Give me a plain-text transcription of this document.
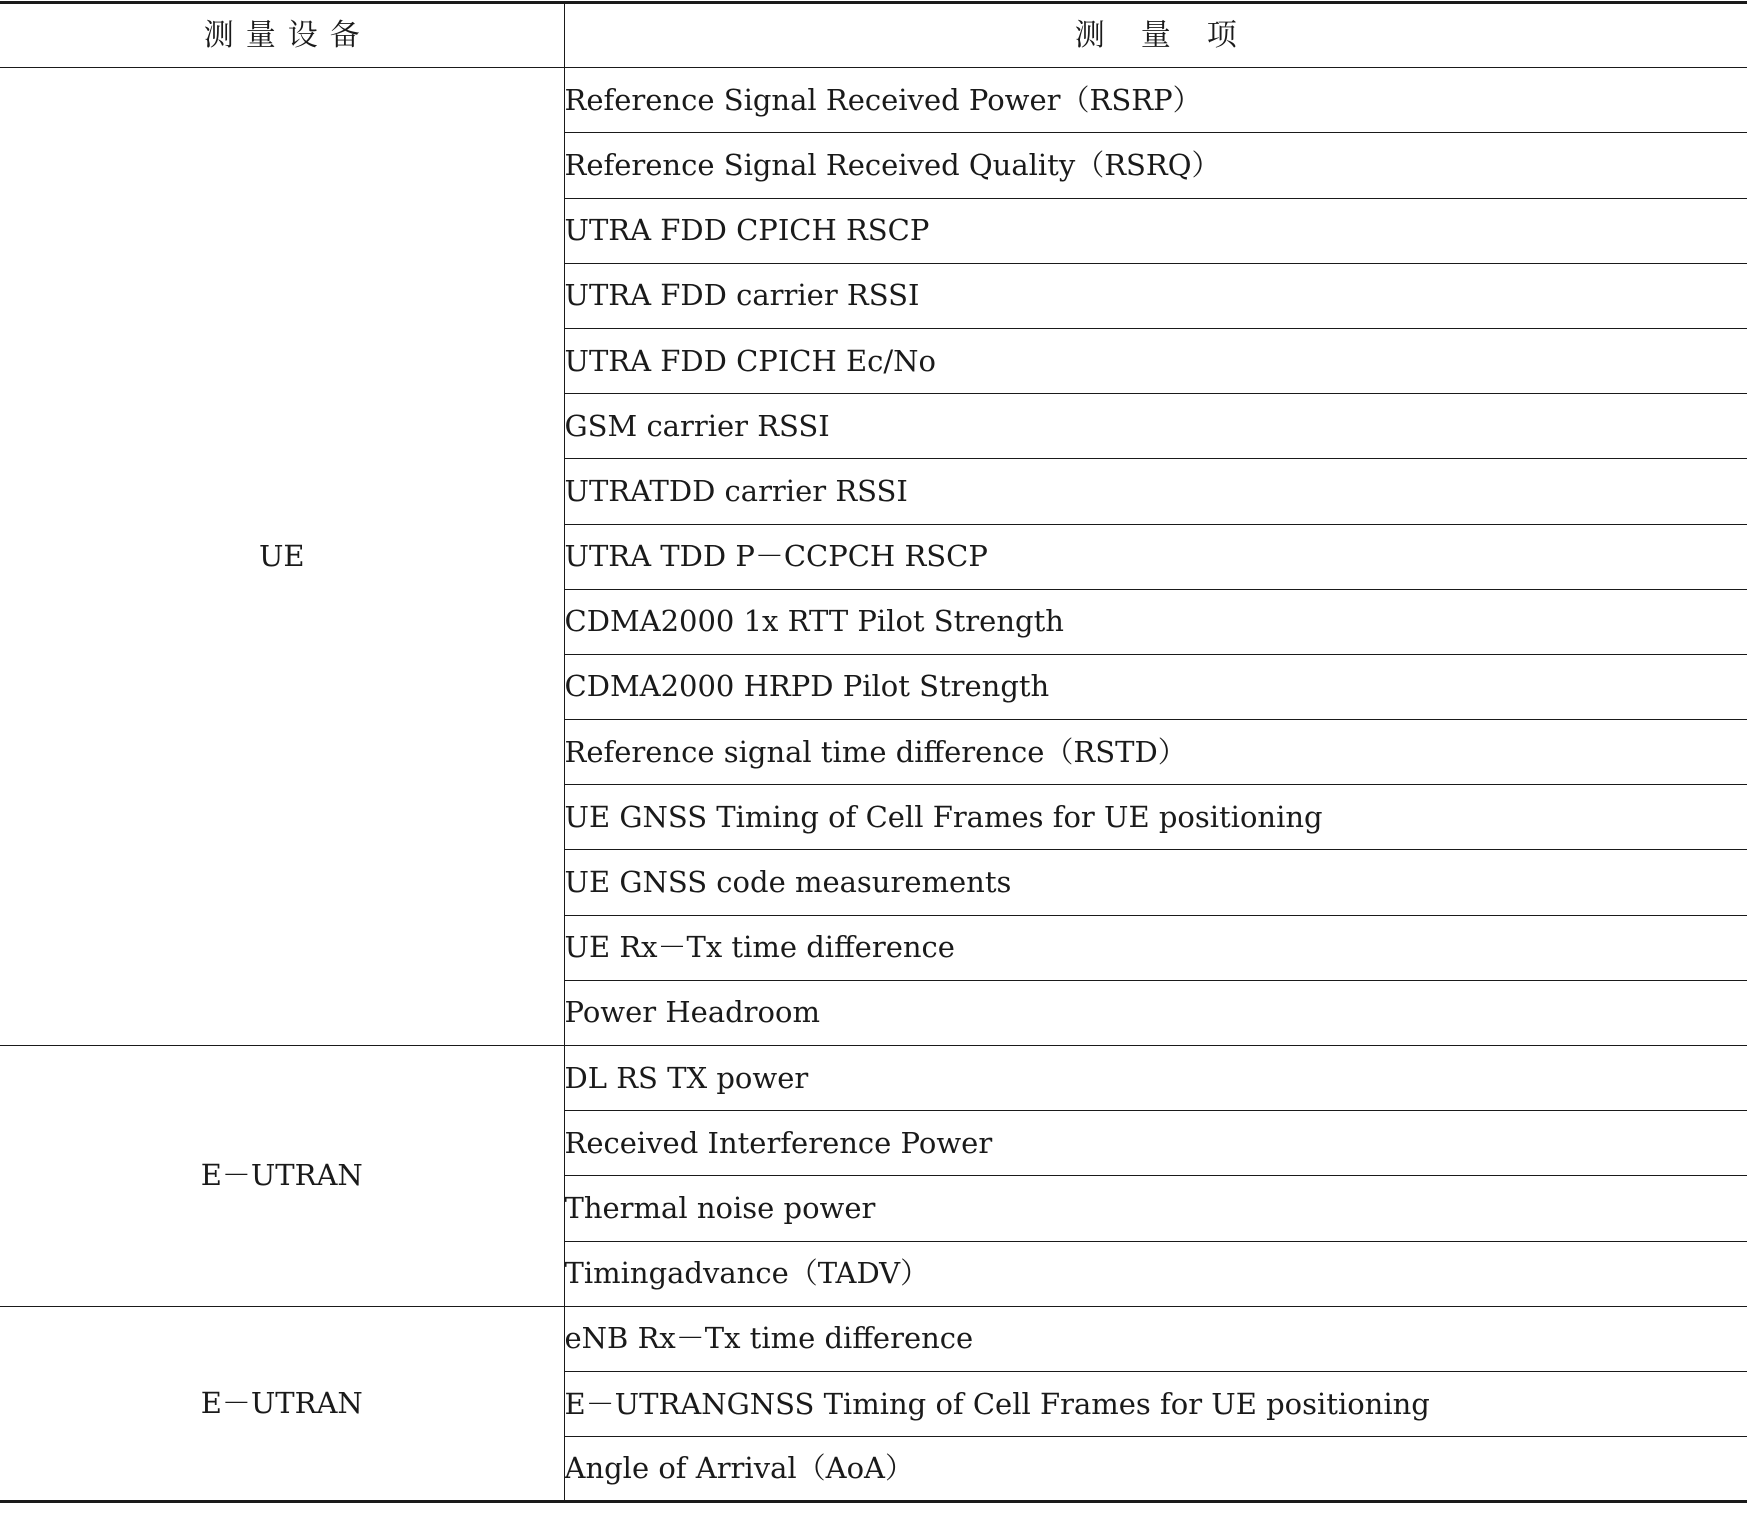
测量设备	测量项
UE	Reference Signal Received Power（RSRP）
	Reference Signal Received Quality（RSRQ）
	UTRA FDD CPICH RSCP
	UTRA FDD carrier RSSI
	UTRA FDD CPICH Ec/No
	GSM carrier RSSI
	UTRATDD carrier RSSI
	UTRA TDD P－CCPCH RSCP
	CDMA2000 1x RTT Pilot Strength
	CDMA2000 HRPD Pilot Strength
	Reference signal time difference（RSTD）
	UE GNSS Timing of Cell Frames for UE positioning
	UE GNSS code measurements
	UE Rx－Tx time difference
	Power Headroom
E－UTRAN	DL RS TX power
	Received Interference Power
	Thermal noise power
	Timingadvance（TADV）
E－UTRAN	eNB Rx－Tx time difference
	E－UTRANGNSS Timing of Cell Frames for UE positioning
	Angle of Arrival（AoA）
